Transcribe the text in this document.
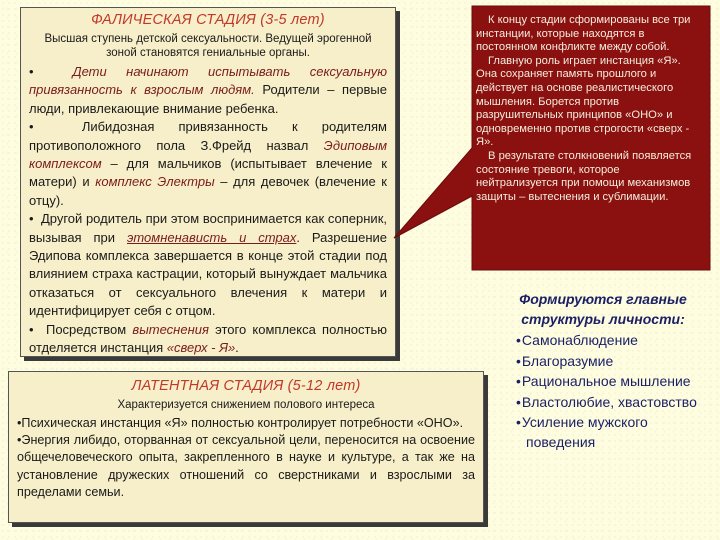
ФАЛИЧЕСКАЯ СТАДИЯ (3-5 лет)
Высшая ступень детской сексуальности. Ведущей эрогенной зоной становятся гениальные органы.
•	Дети начинают испытывать сексуальную привязанность к взрослым людям. Родители – первые люди, привлекающие внимание ребенка.
•	Либидозная привязанность к родителям противоположного пола З.Фрейд назвал Эдиповым комплексом – для мальчиков (испытывает влечение к матери) и комплекс Электры – для девочек (влечение к отцу).
• Другой родитель при этом воспринимается как соперник, вызывая при этомненависть и страх. Разрешение Эдипова комплекса завершается в конце этой стадии под влиянием страха кастрации, который вынуждает мальчика отказаться от сексуального влечения к матери и идентифицирует себя с отцом.
• Посредством вытеснения этого комплекса полностью отделяется инстанция «сверх - Я».

К концу стадии сформированы все три инстанции, которые находятся в постоянном конфликте между собой.

Главную роль играет инстанция «Я». Она сохраняет память прошлого и действует на основе реалистического мышления. Борется против разрушительных принципов «ОНО» и одновременно против строгости «сверх - Я».

В результате столкновений появляется состояние тревоги, которое нейтрализуется при помощи механизмов защиты – вытеснения и сублимации.

ЛАТЕНТНАЯ СТАДИЯ (5-12 лет)
Характеризуется снижением полового интереса
•Психическая инстанция «Я» полностью контролирует потребности «ОНО».
•Энергия либидо, оторванная от сексуальной цели, переносится на освоение общечеловеческого опыта, закрепленного в науке и культуре, а так же на установление дружеских отношений со сверстниками и взрослыми за пределами семьи.
Формируются главные структуры личности:
• Самонаблюдение
• Благоразумие
• Рациональное мышление
• Властолюбие, хвастовство
• Усиление мужского поведения
